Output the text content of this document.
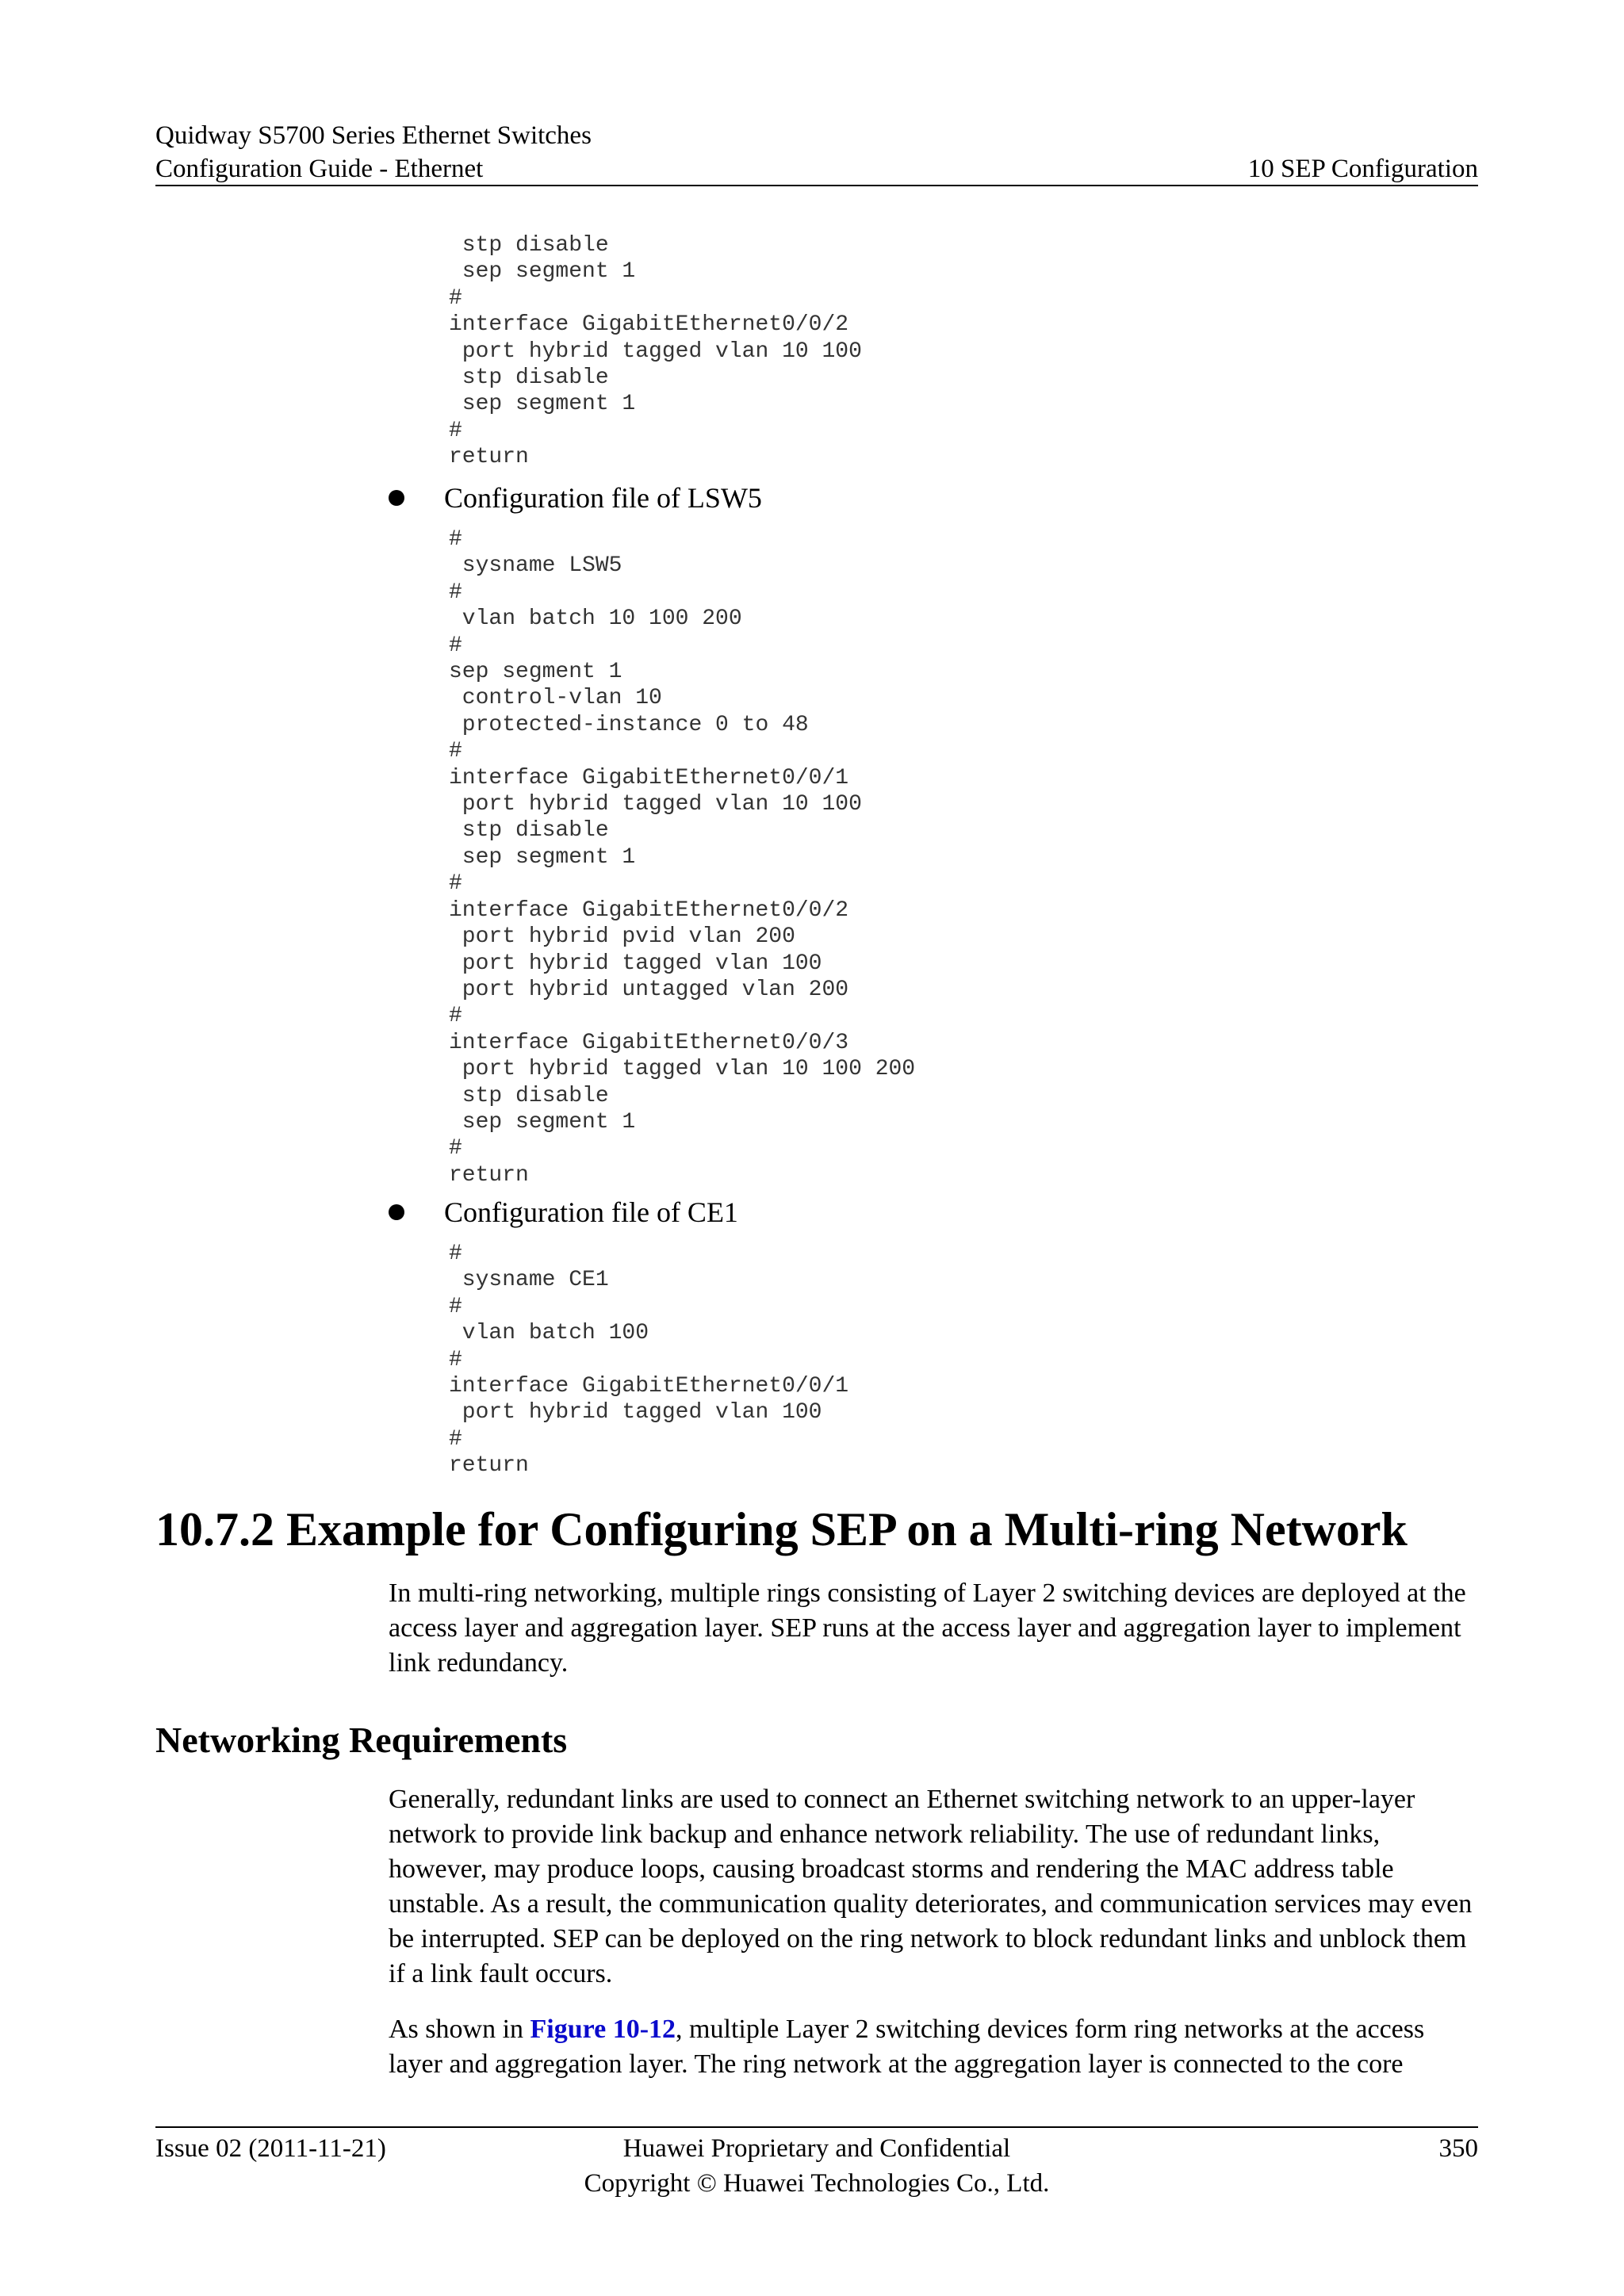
Quidway S5700 Series Ethernet Switches
Configuration Guide - Ethernet	10 SEP Configuration
stp disable
sep segment 1
#
interface GigabitEthernet0/0/2
port hybrid tagged vlan 10 100
stp disable
sep segment 1
#
return
Configuration file of LSW5
#
sysname LSW5
#
vlan batch 10 100 200
#
sep segment 1
control-vlan 10
protected-instance 0 to 48
#
interface GigabitEthernet0/0/1
port hybrid tagged vlan 10 100
stp disable
sep segment 1
#
interface GigabitEthernet0/0/2
port hybrid pvid vlan 200
port hybrid tagged vlan 100
port hybrid untagged vlan 200
#
interface GigabitEthernet0/0/3
port hybrid tagged vlan 10 100 200
stp disable
sep segment 1
#
return
Configuration file of CE1
#
sysname CE1
#
vlan batch 100
#
interface GigabitEthernet0/0/1
port hybrid tagged vlan 100
#
return
10.7.2 Example for Configuring SEP on a Multi-ring Network

In multi-ring networking, multiple rings consisting of Layer 2 switching devices are deployed at the access layer and aggregation layer. SEP runs at the access layer and aggregation layer to implement link redundancy.

Networking Requirements

Generally, redundant links are used to connect an Ethernet switching network to an upper-layer network to provide link backup and enhance network reliability. The use of redundant links, however, may produce loops, causing broadcast storms and rendering the MAC address table unstable. As a result, the communication quality deteriorates, and communication services may even be interrupted. SEP can be deployed on the ring network to block redundant links and unblock them if a link fault occurs.

As shown in Figure 10-12, multiple Layer 2 switching devices form ring networks at the access layer and aggregation layer. The ring network at the aggregation layer is connected to the core

Issue 02 (2011-11-21)	Huawei Proprietary and Confidential
Copyright © Huawei Technologies Co., Ltd.
350
